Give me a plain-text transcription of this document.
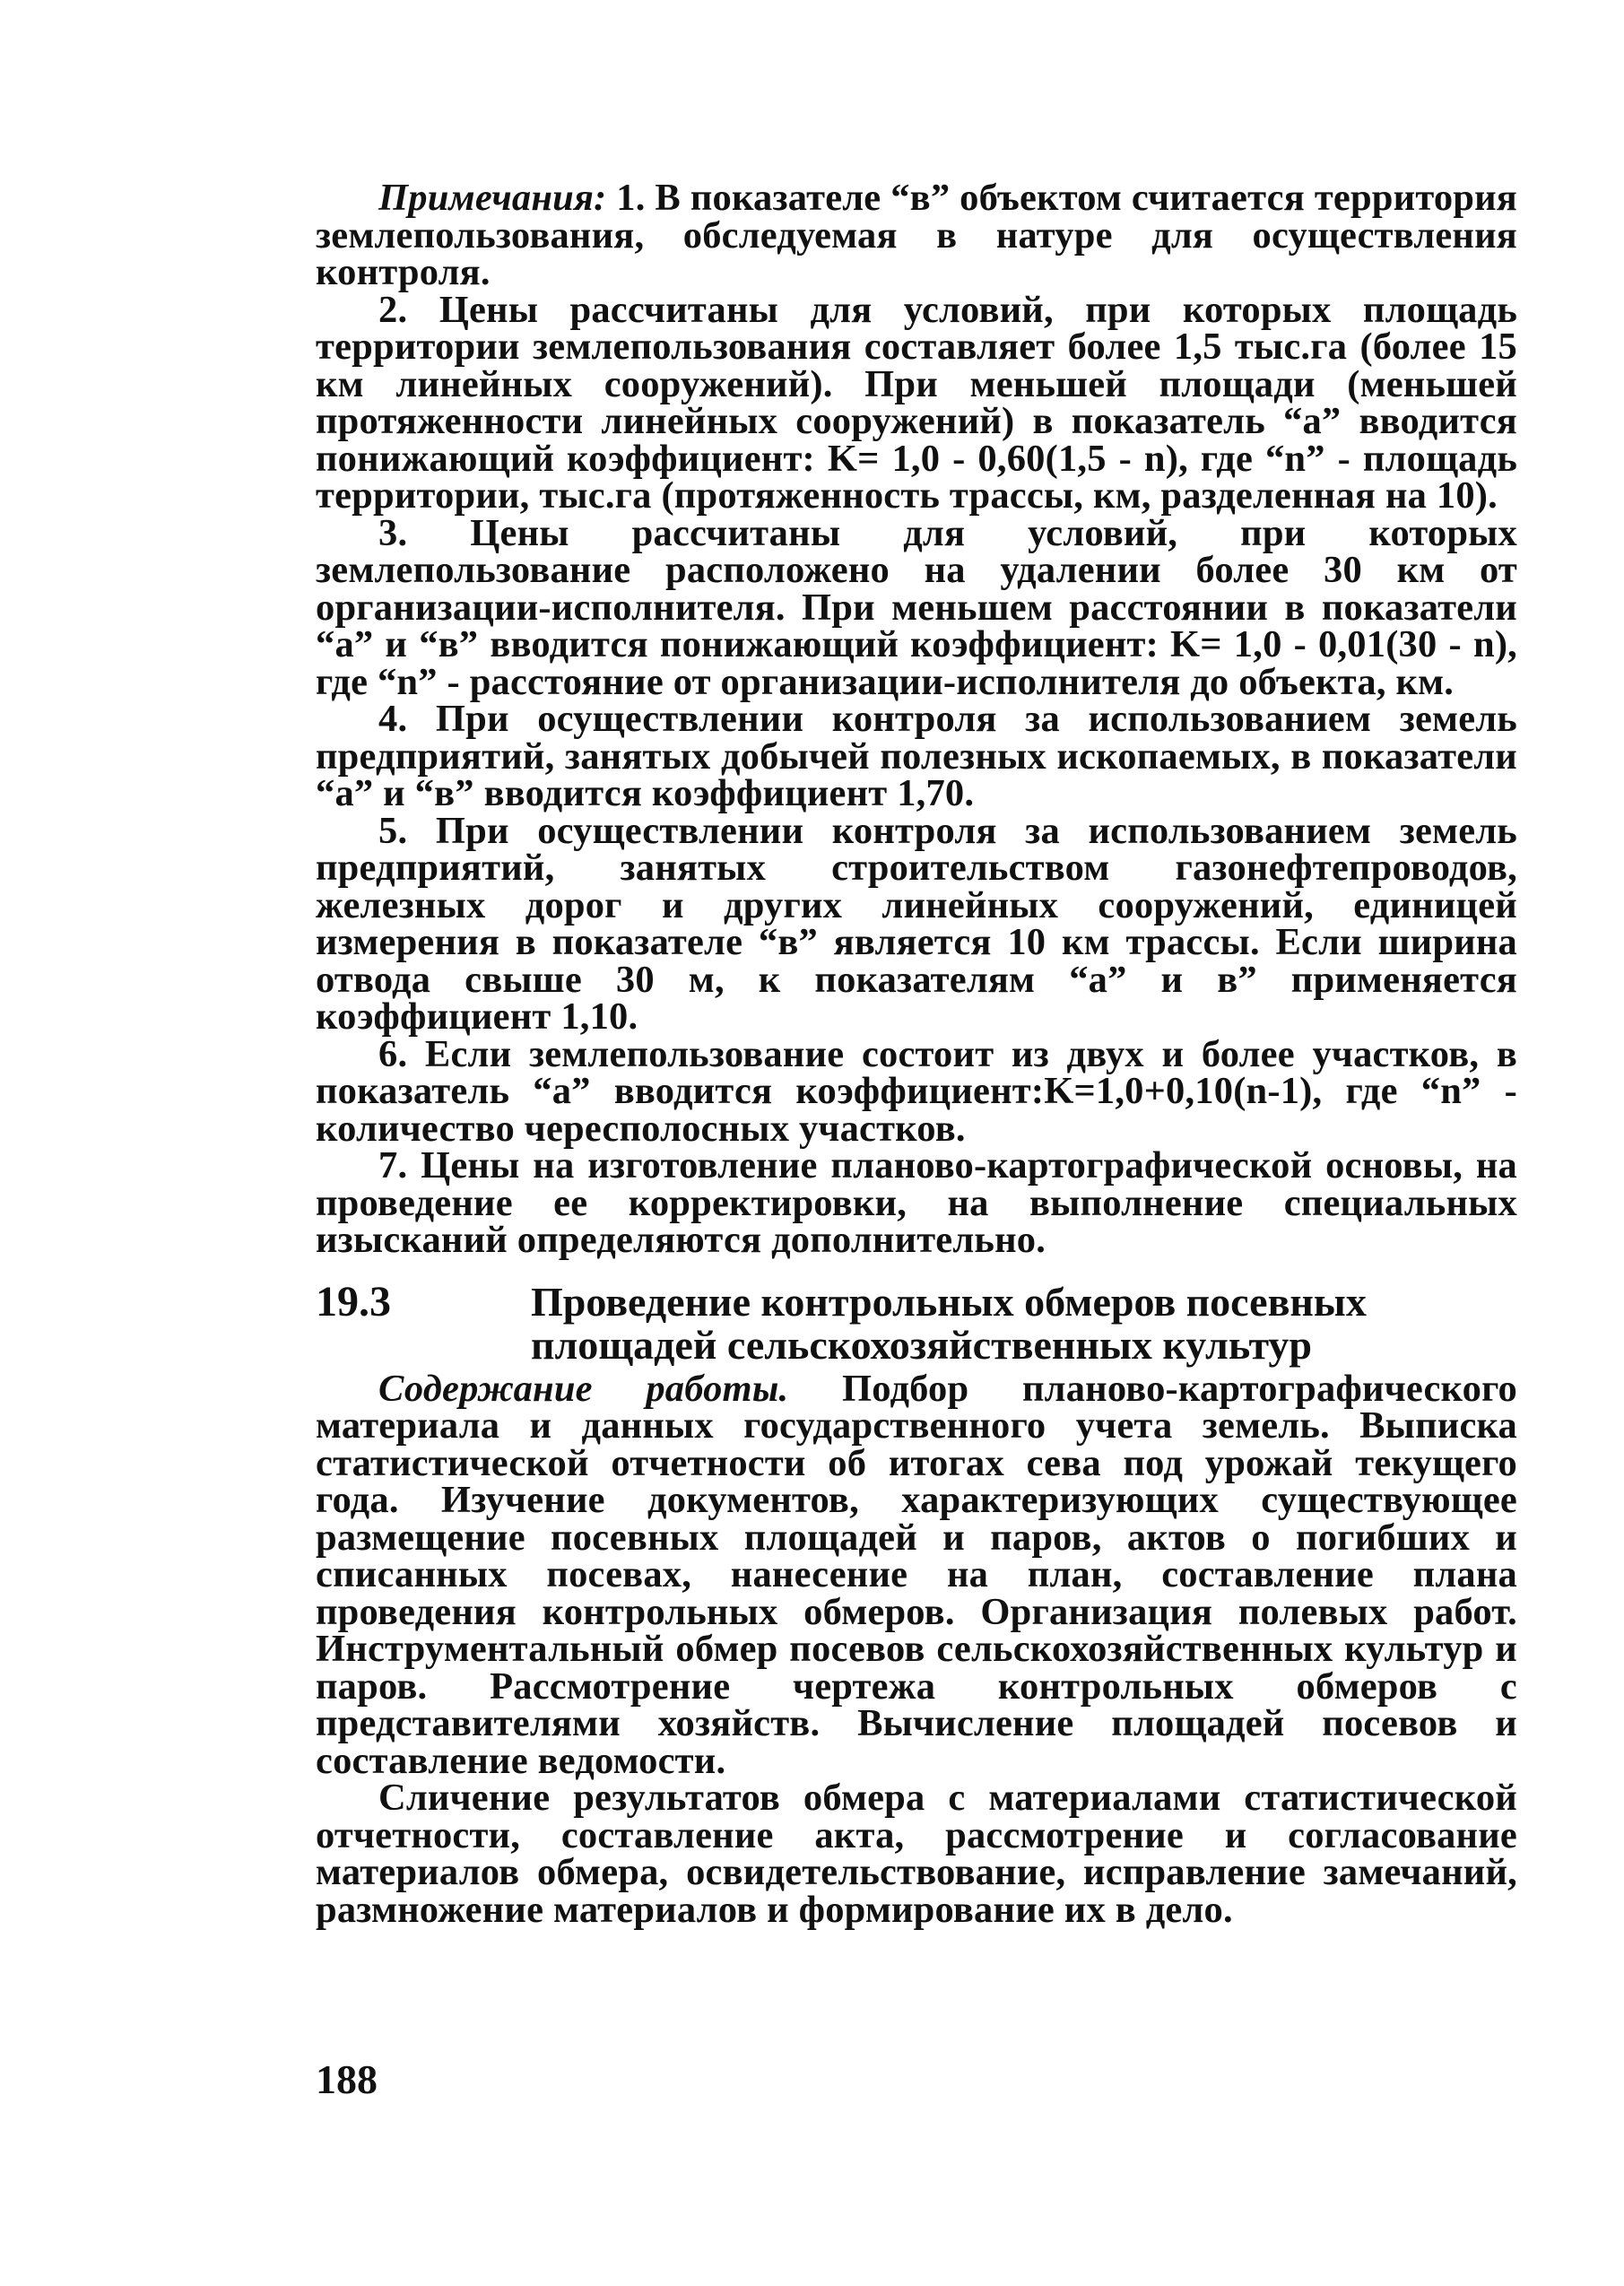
Примечания: 1. В показателе “в” объектом считается территория землепользования, обследуемая в натуре для осуществления контроля.

2. Цены рассчитаны для условий, при которых площадь территории землепользования составляет более 1,5 тыс.га (более 15 км линейных сооружений). При меньшей площади (меньшей протяженности линейных сооружений) в показатель “а” вводится понижающий коэффициент: K= 1,0 - 0,60(1,5 - n), где “n” - площадь территории, тыс.га (протяженность трассы, км, разделенная на 10).

3. Цены рассчитаны для условий, при которых землепользование расположено на удалении более 30 км от организации-исполнителя. При меньшем расстоянии в показатели “а” и “в” вводится понижающий коэффициент: K= 1,0 - 0,01(30 - n), где “n” - расстояние от организации-исполнителя до объекта, км.

4. При осуществлении контроля за использованием земель предприятий, занятых добычей полезных ископаемых, в показатели “а” и “в” вводится коэффициент 1,70.

5. При осуществлении контроля за использованием земель предприятий, занятых строительством газонефтепроводов, железных дорог и других линейных сооружений, единицей измерения в показателе “в” является 10 км трассы. Если ширина отвода свыше 30 м, к показателям “а” и в” применяется коэффициент 1,10.

6. Если землепользование состоит из двух и более участков, в показатель “а” вводится коэффициент:K=1,0+0,10(n-1), где “n” - количество чересполосных участков.

7. Цены на изготовление планово-картографической основы, на проведение ее корректировки, на выполнение специальных изысканий определяются дополнительно.

19.3	Проведение контрольных обмеров посевных площадей сельскохозяйственных культур

Содержание работы. Подбор планово-картографического материала и данных государственного учета земель. Выписка статистической отчетности об итогах сева под урожай текущего года. Изучение документов, характеризующих существующее размещение посевных площадей и паров, актов о погибших и списанных посевах, нанесение на план, составление плана проведения контрольных обмеров. Организация полевых работ. Инструментальный обмер посевов сельскохозяйственных культур и паров. Рассмотрение чертежа контрольных обмеров с представителями хозяйств. Вычисление площадей посевов и составление ведомости.

Сличение результатов обмера с материалами статистической отчетности, составление акта, рассмотрение и согласование материалов обмера, освидетельствование, исправление замечаний, размножение материалов и формирование их в дело.

188
